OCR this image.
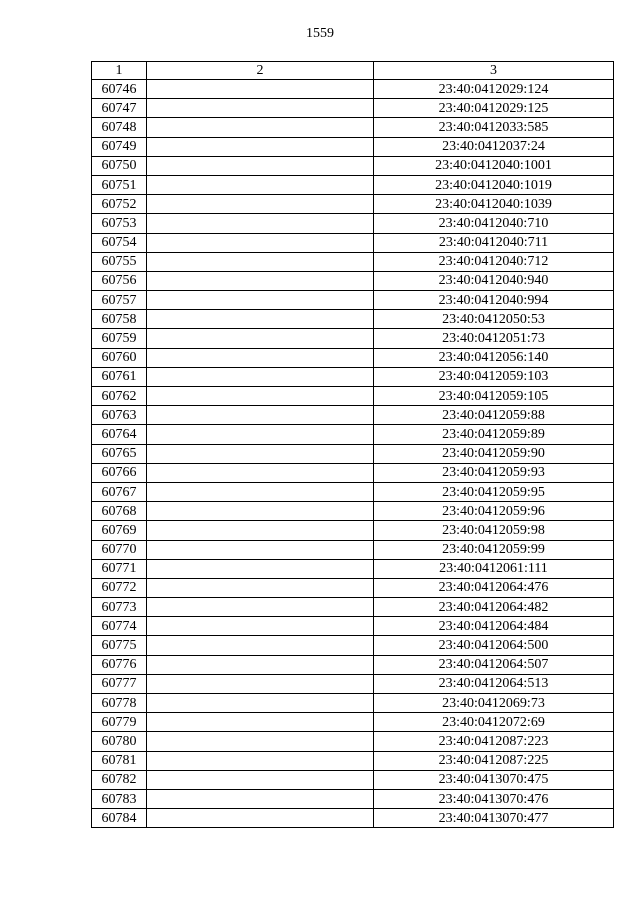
1559
1	2	3
60746		23:40:0412029:124
60747		23:40:0412029:125
60748		23:40:0412033:585
60749		23:40:0412037:24
60750		23:40:0412040:1001
60751		23:40:0412040:1019
60752		23:40:0412040:1039
60753		23:40:0412040:710
60754		23:40:0412040:711
60755		23:40:0412040:712
60756		23:40:0412040:940
60757		23:40:0412040:994
60758		23:40:0412050:53
60759		23:40:0412051:73
60760		23:40:0412056:140
60761		23:40:0412059:103
60762		23:40:0412059:105
60763		23:40:0412059:88
60764		23:40:0412059:89
60765		23:40:0412059:90
60766		23:40:0412059:93
60767		23:40:0412059:95
60768		23:40:0412059:96
60769		23:40:0412059:98
60770		23:40:0412059:99
60771		23:40:0412061:111
60772		23:40:0412064:476
60773		23:40:0412064:482
60774		23:40:0412064:484
60775		23:40:0412064:500
60776		23:40:0412064:507
60777		23:40:0412064:513
60778		23:40:0412069:73
60779		23:40:0412072:69
60780		23:40:0412087:223
60781		23:40:0412087:225
60782		23:40:0413070:475
60783		23:40:0413070:476
60784		23:40:0413070:477
